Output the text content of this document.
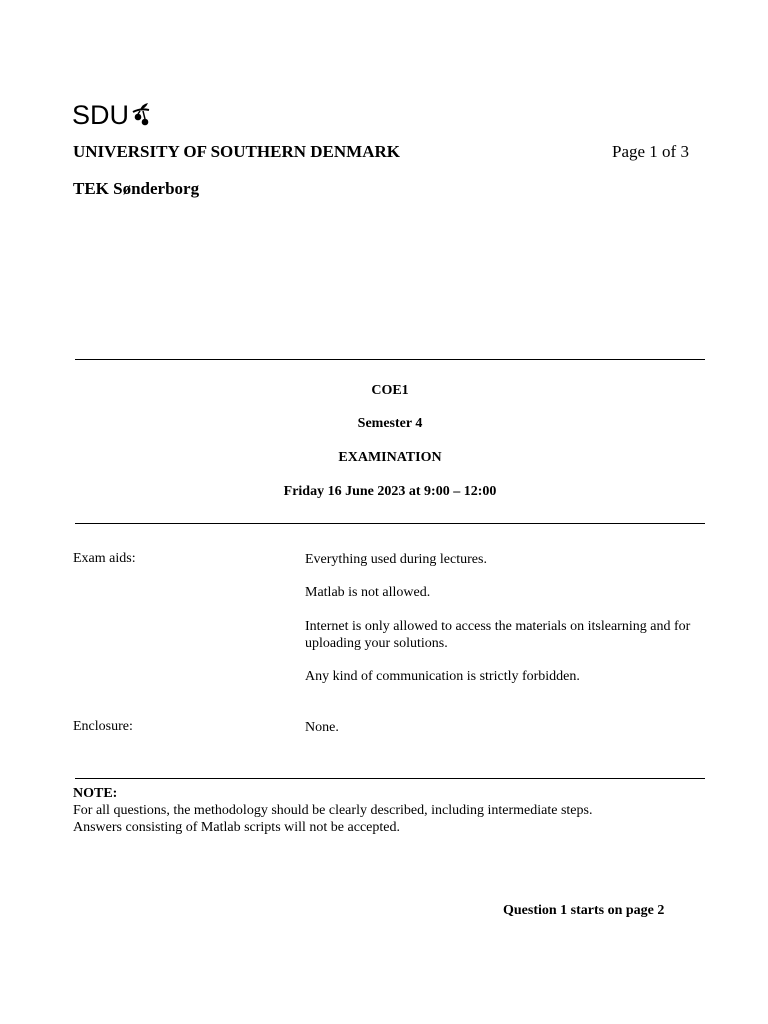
SDU
UNIVERSITY OF SOUTHERN DENMARK	Page 1 of 3
TEK Sønderborg
COE1
Semester 4
EXAMINATION
Friday 16 June 2023 at 9:00 – 12:00
Exam aids:	Everything used during lectures.
Matlab is not allowed.
Internet is only allowed to access the materials on itslearning and for uploading your solutions.
Any kind of communication is strictly forbidden.
Enclosure:	None.
NOTE:
For all questions, the methodology should be clearly described, including intermediate steps.
Answers consisting of Matlab scripts will not be accepted.
Question 1 starts on page 2
